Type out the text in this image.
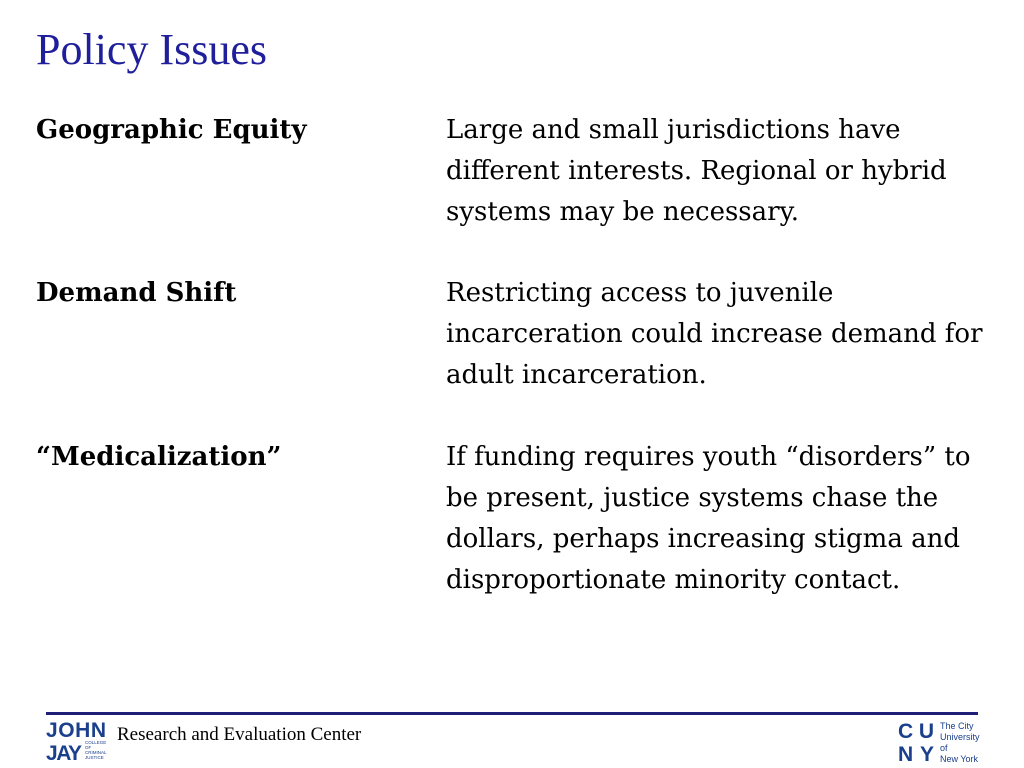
Policy Issues
Geographic Equity	Large and small jurisdictions have different interests. Regional or hybrid systems may be necessary.
Demand Shift	Restricting access to juvenile incarceration could increase demand for adult incarceration.
“Medicalization”	If funding requires youth “disorders” to be present, justice systems chase the dollars, perhaps increasing stigma and disproportionate minority contact.
JOHN
JAY COLLEGE
OF
CRIMINAL
JUSTICE
Research and Evaluation Center	CU
NY
The City
University
of
New York
